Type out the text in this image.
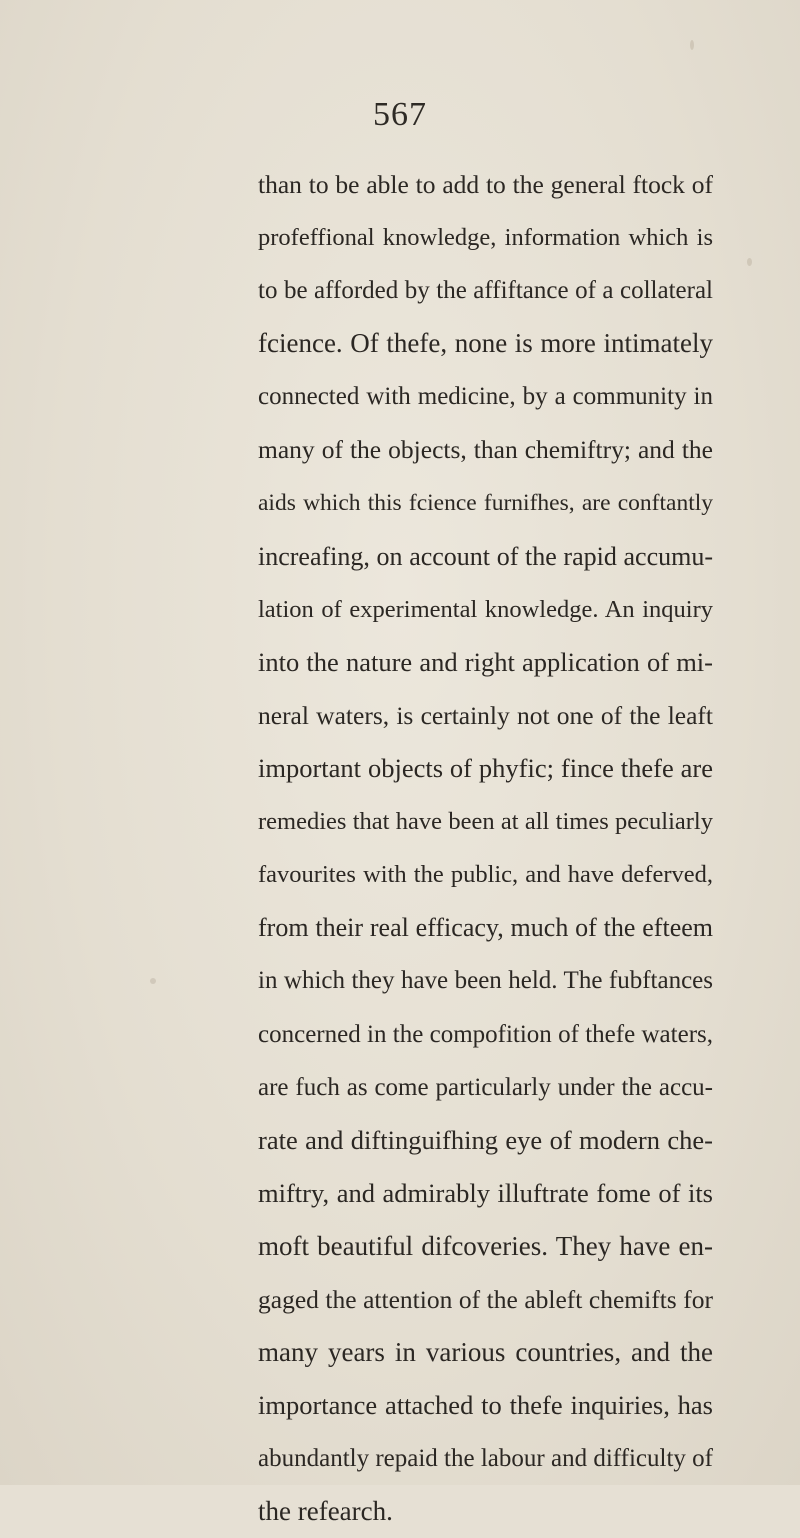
567
than to be able to add to the general ftock of
profeffional knowledge, information which is
to be afforded by the affiftance of a collateral
fcience. Of thefe, none is more intimately
connected with medicine, by a community in
many of the objects, than chemiftry; and the
aids which this fcience furnifhes, are conftantly
increafing, on account of the rapid accumu-
lation of experimental knowledge. An inquiry
into the nature and right application of mi-
neral waters, is certainly not one of the leaft
important objects of phyfic; fince thefe are
remedies that have been at all times peculiarly
favourites with the public, and have deferved,
from their real efficacy, much of the efteem
in which they have been held. The fubftances
concerned in the compofition of thefe waters,
are fuch as come particularly under the accu-
rate and diftinguifhing eye of modern che-
miftry, and admirably illuftrate fome of its
moft beautiful difcoveries. They have en-
gaged the attention of the ableft chemifts for
many years in various countries, and the
importance attached to thefe inquiries, has
abundantly repaid the labour and difficulty of
the refearch.
